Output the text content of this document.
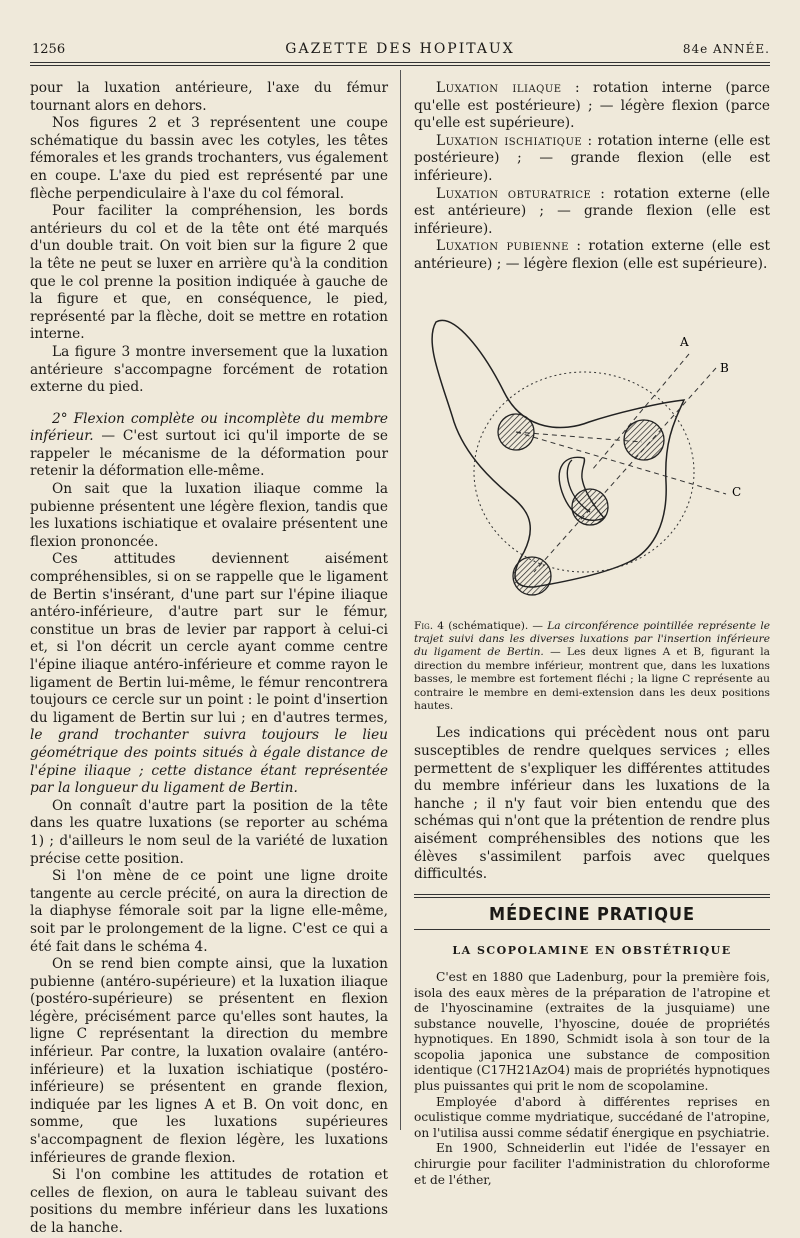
1256	GAZETTE DES HOPITAUX	84e ANNÉE.

pour la luxation antérieure, l'axe du fémur tournant alors en dehors.

Nos figures 2 et 3 représentent une coupe schématique du bassin avec les cotyles, les têtes fémorales et les grands trochanters, vus également en coupe. L'axe du pied est représenté par une flèche perpendiculaire à l'axe du col fémoral.

Pour faciliter la compréhension, les bords antérieurs du col et de la tête ont été marqués d'un double trait. On voit bien sur la figure 2 que la tête ne peut se luxer en arrière qu'à la condition que le col prenne la position indiquée à gauche de la figure et que, en conséquence, le pied, représenté par la flèche, doit se mettre en rotation interne.

La figure 3 montre inversement que la luxation antérieure s'accompagne forcément de rotation externe du pied.

2° Flexion complète ou incomplète du membre inférieur. — C'est surtout ici qu'il importe de se rappeler le mécanisme de la déformation pour retenir la déformation elle-même.

On sait que la luxation iliaque comme la pubienne présentent une légère flexion, tandis que les luxations ischiatique et ovalaire présentent une flexion prononcée.

Ces attitudes deviennent aisément compréhensibles, si on se rappelle que le ligament de Bertin s'insérant, d'une part sur l'épine iliaque antéro-inférieure, d'autre part sur le fémur, constitue un bras de levier par rapport à celui-ci et, si l'on décrit un cercle ayant comme centre l'épine iliaque antéro-inférieure et comme rayon le ligament de Bertin lui-même, le fémur rencontrera toujours ce cercle sur un point : le point d'insertion du ligament de Bertin sur lui ; en d'autres termes, le grand trochanter suivra toujours le lieu géométrique des points situés à égale distance de l'épine iliaque ; cette distance étant représentée par la longueur du ligament de Bertin.

On connaît d'autre part la position de la tête dans les quatre luxations (se reporter au schéma 1) ; d'ailleurs le nom seul de la variété de luxation précise cette position.

Si l'on mène de ce point une ligne droite tangente au cercle précité, on aura la direction de la diaphyse fémorale soit par la ligne elle-même, soit par le prolongement de la ligne. C'est ce qui a été fait dans le schéma 4.

On se rend bien compte ainsi, que la luxation pubienne (antéro-supérieure) et la luxation iliaque (postéro-supérieure) se présentent en flexion légère, précisément parce qu'elles sont hautes, la ligne C représentant la direction du membre inférieur. Par contre, la luxation ovalaire (antéro-inférieure) et la luxation ischiatique (postéro-inférieure) se présentent en grande flexion, indiquée par les lignes A et B. On voit donc, en somme, que les luxations supérieures s'accompagnent de flexion légère, les luxations inférieures de grande flexion.

Si l'on combine les attitudes de rotation et celles de flexion, on aura le tableau suivant des positions du membre inférieur dans les luxations de la hanche.

Luxation iliaque : rotation interne (parce qu'elle est postérieure) ; — légère flexion (parce qu'elle est supérieure).

Luxation ischiatique : rotation interne (elle est postérieure) ; — grande flexion (elle est inférieure).

Luxation obturatrice : rotation externe (elle est antérieure) ; — grande flexion (elle est inférieure).

Luxation pubienne : rotation externe (elle est antérieure) ; — légère flexion (elle est supérieure).

A
B
C

Fig. 4 (schématique). — La circonférence pointillée représente le trajet suivi dans les diverses luxations par l'insertion inférieure du ligament de Bertin. — Les deux lignes A et B, figurant la direction du membre inférieur, montrent que, dans les luxations basses, le membre est fortement fléchi ; la ligne C représente au contraire le membre en demi-extension dans les deux positions hautes.

Les indications qui précèdent nous ont paru susceptibles de rendre quelques services ; elles permettent de s'expliquer les différentes attitudes du membre inférieur dans les luxations de la hanche ; il n'y faut voir bien entendu que des schémas qui n'ont que la prétention de rendre plus aisément compréhensibles des notions que les élèves s'assimilent parfois avec quelques difficultés.

MÉDECINE PRATIQUE
LA SCOPOLAMINE EN OBSTÉTRIQUE

C'est en 1880 que Ladenburg, pour la première fois, isola des eaux mères de la préparation de l'atropine et de l'hyoscinamine (extraites de la jusquiame) une substance nouvelle, l'hyoscine, douée de propriétés hypnotiques. En 1890, Schmidt isola à son tour de la scopolia japonica une substance de composition identique (C17H21AzO4) mais de propriétés hypnotiques plus puissantes qui prit le nom de scopolamine.

Employée d'abord à différentes reprises en oculistique comme mydriatique, succédané de l'atropine, on l'utilisa aussi comme sédatif énergique en psychiatrie.

En 1900, Schneiderlin eut l'idée de l'essayer en chirurgie pour faciliter l'administration du chloroforme et de l'éther,
